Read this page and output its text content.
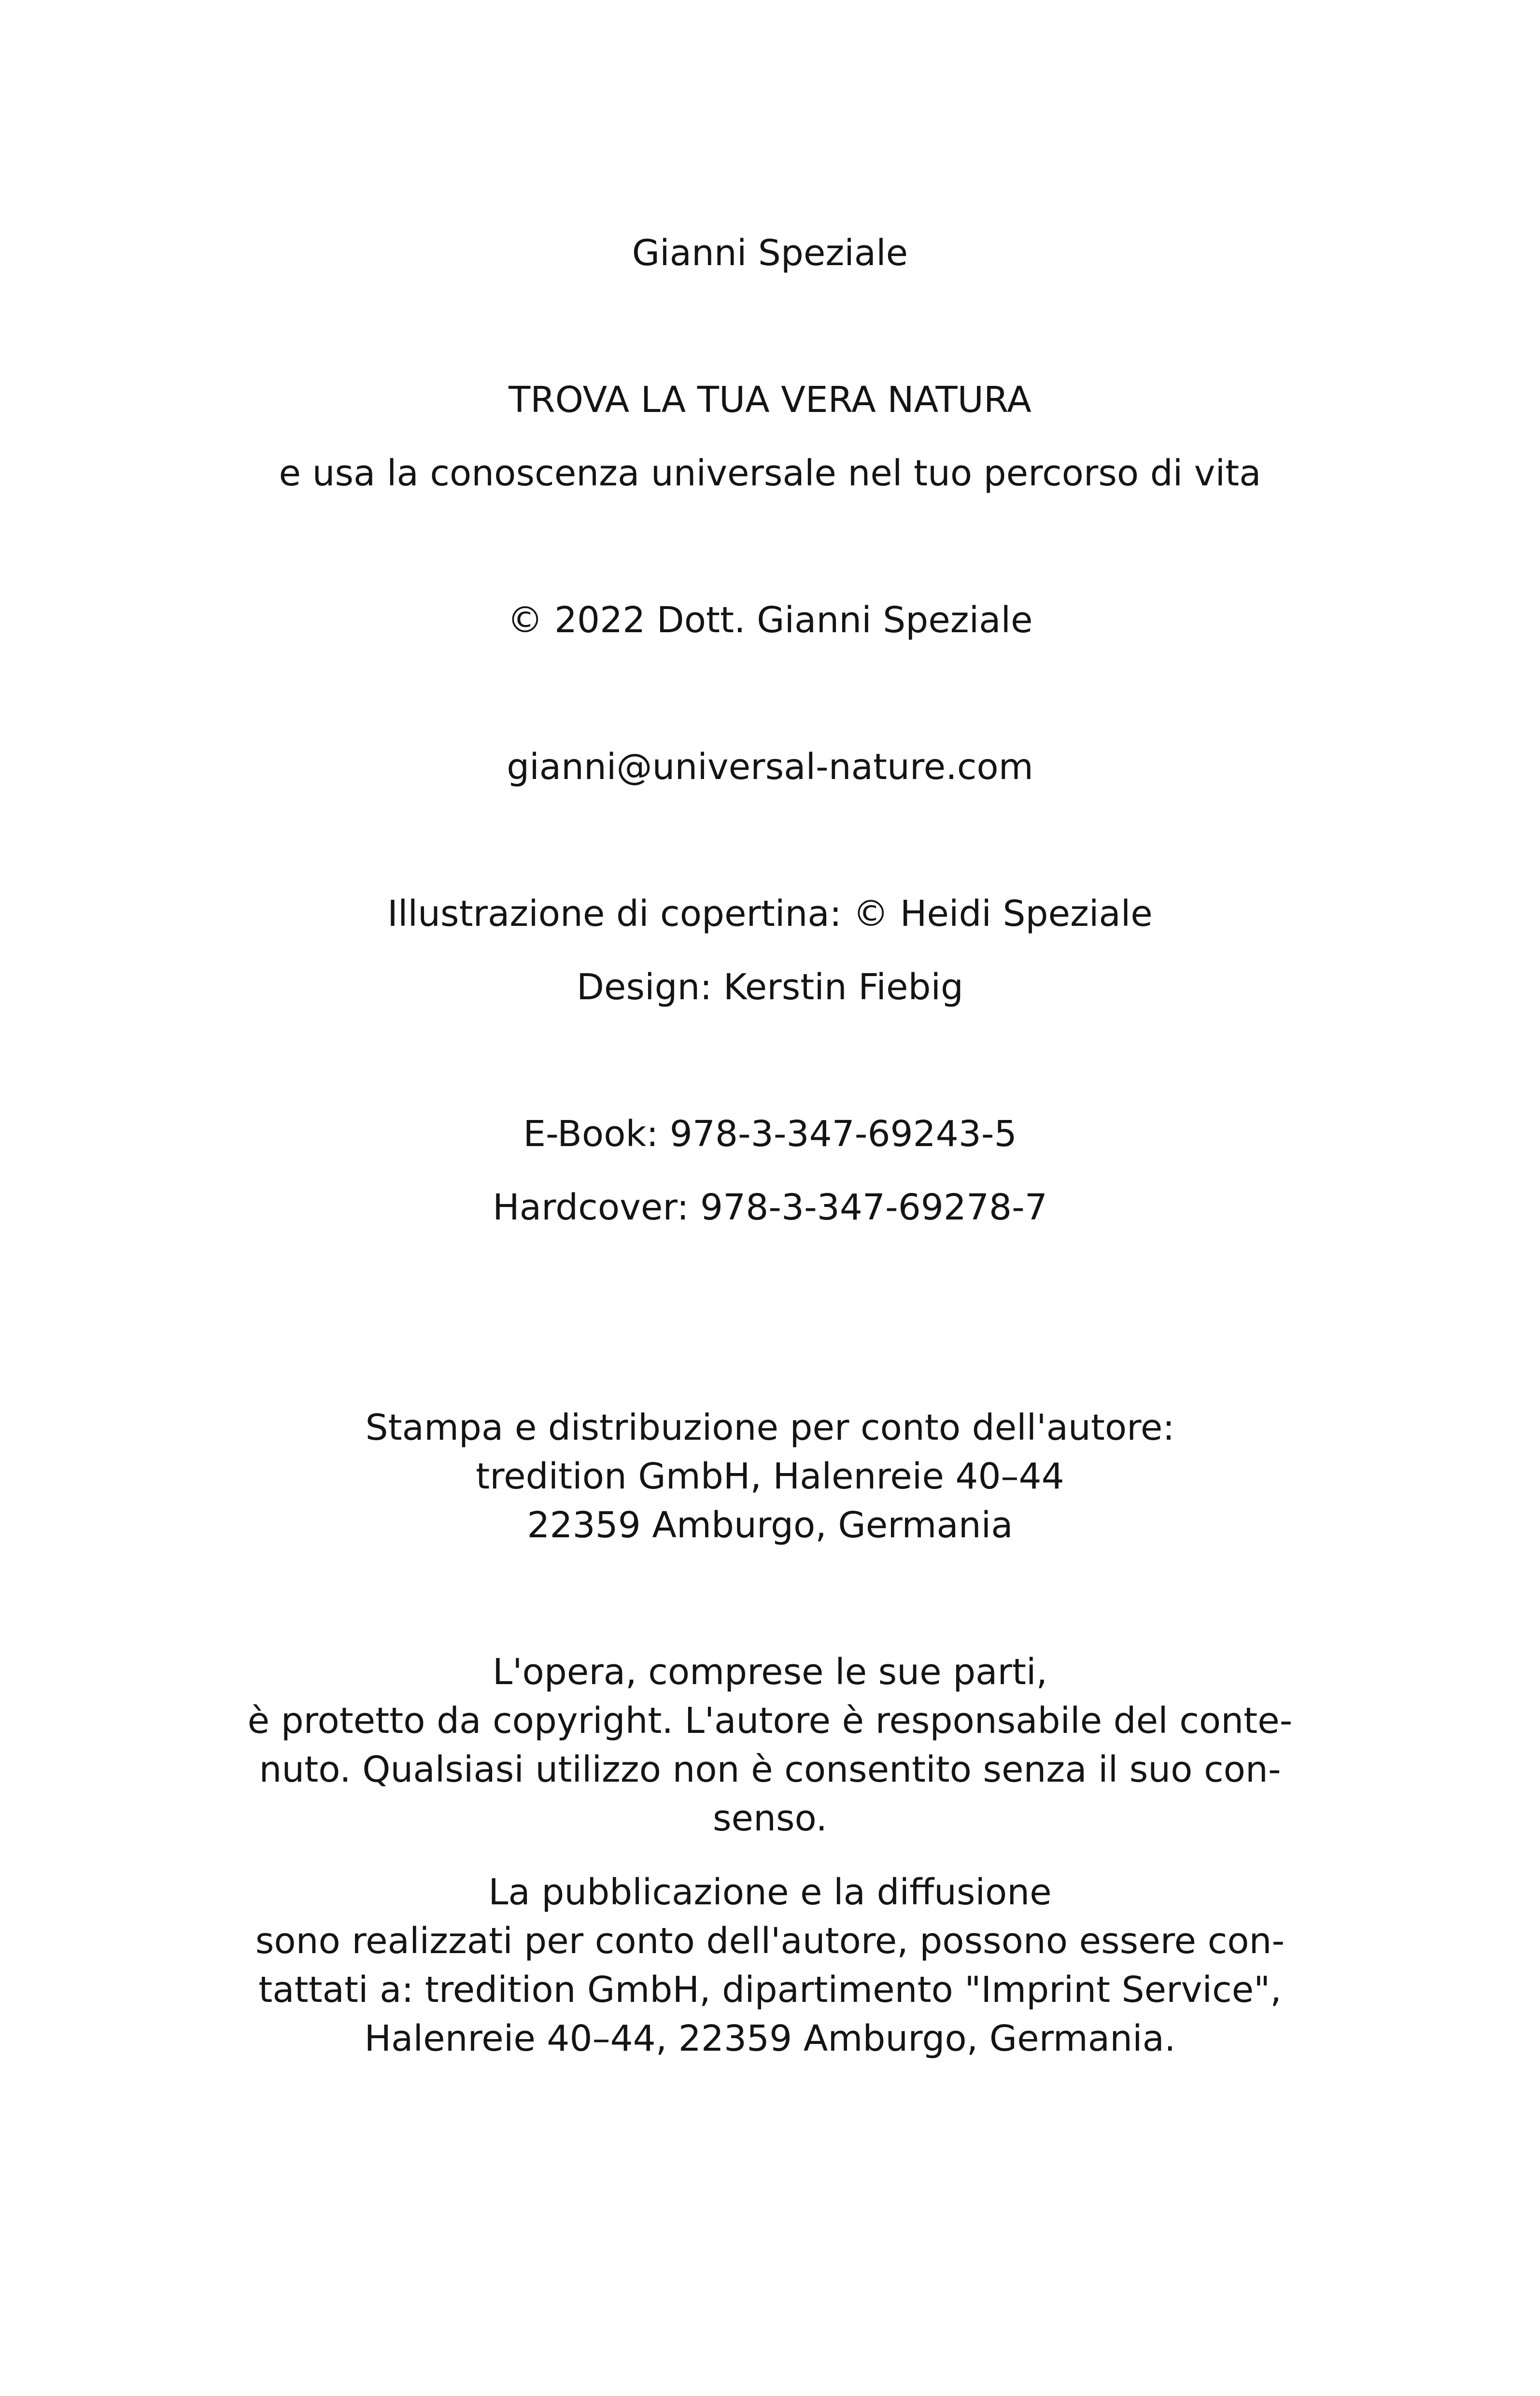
Gianni Speziale
TROVA LA TUA VERA NATURA
e usa la conoscenza universale nel tuo percorso di vita
© 2022 Dott. Gianni Speziale
gianni@universal-nature.com
Illustrazione di copertina: © Heidi Speziale
Design: Kerstin Fiebig
E-Book: 978-3-347-69243-5
Hardcover: 978-3-347-69278-7
Stampa e distribuzione per conto dell'autore:
tredition GmbH, Halenreie 40–44
22359 Amburgo, Germania
L'opera, comprese le sue parti,
è protetto da copyright. L'autore è responsabile del conte-
nuto. Qualsiasi utilizzo non è consentito senza il suo con-
senso.
La pubblicazione e la diffusione
sono realizzati per conto dell'autore, possono essere con-
tattati a: tredition GmbH, dipartimento "Imprint Service",
Halenreie 40–44, 22359 Amburgo, Germania.
